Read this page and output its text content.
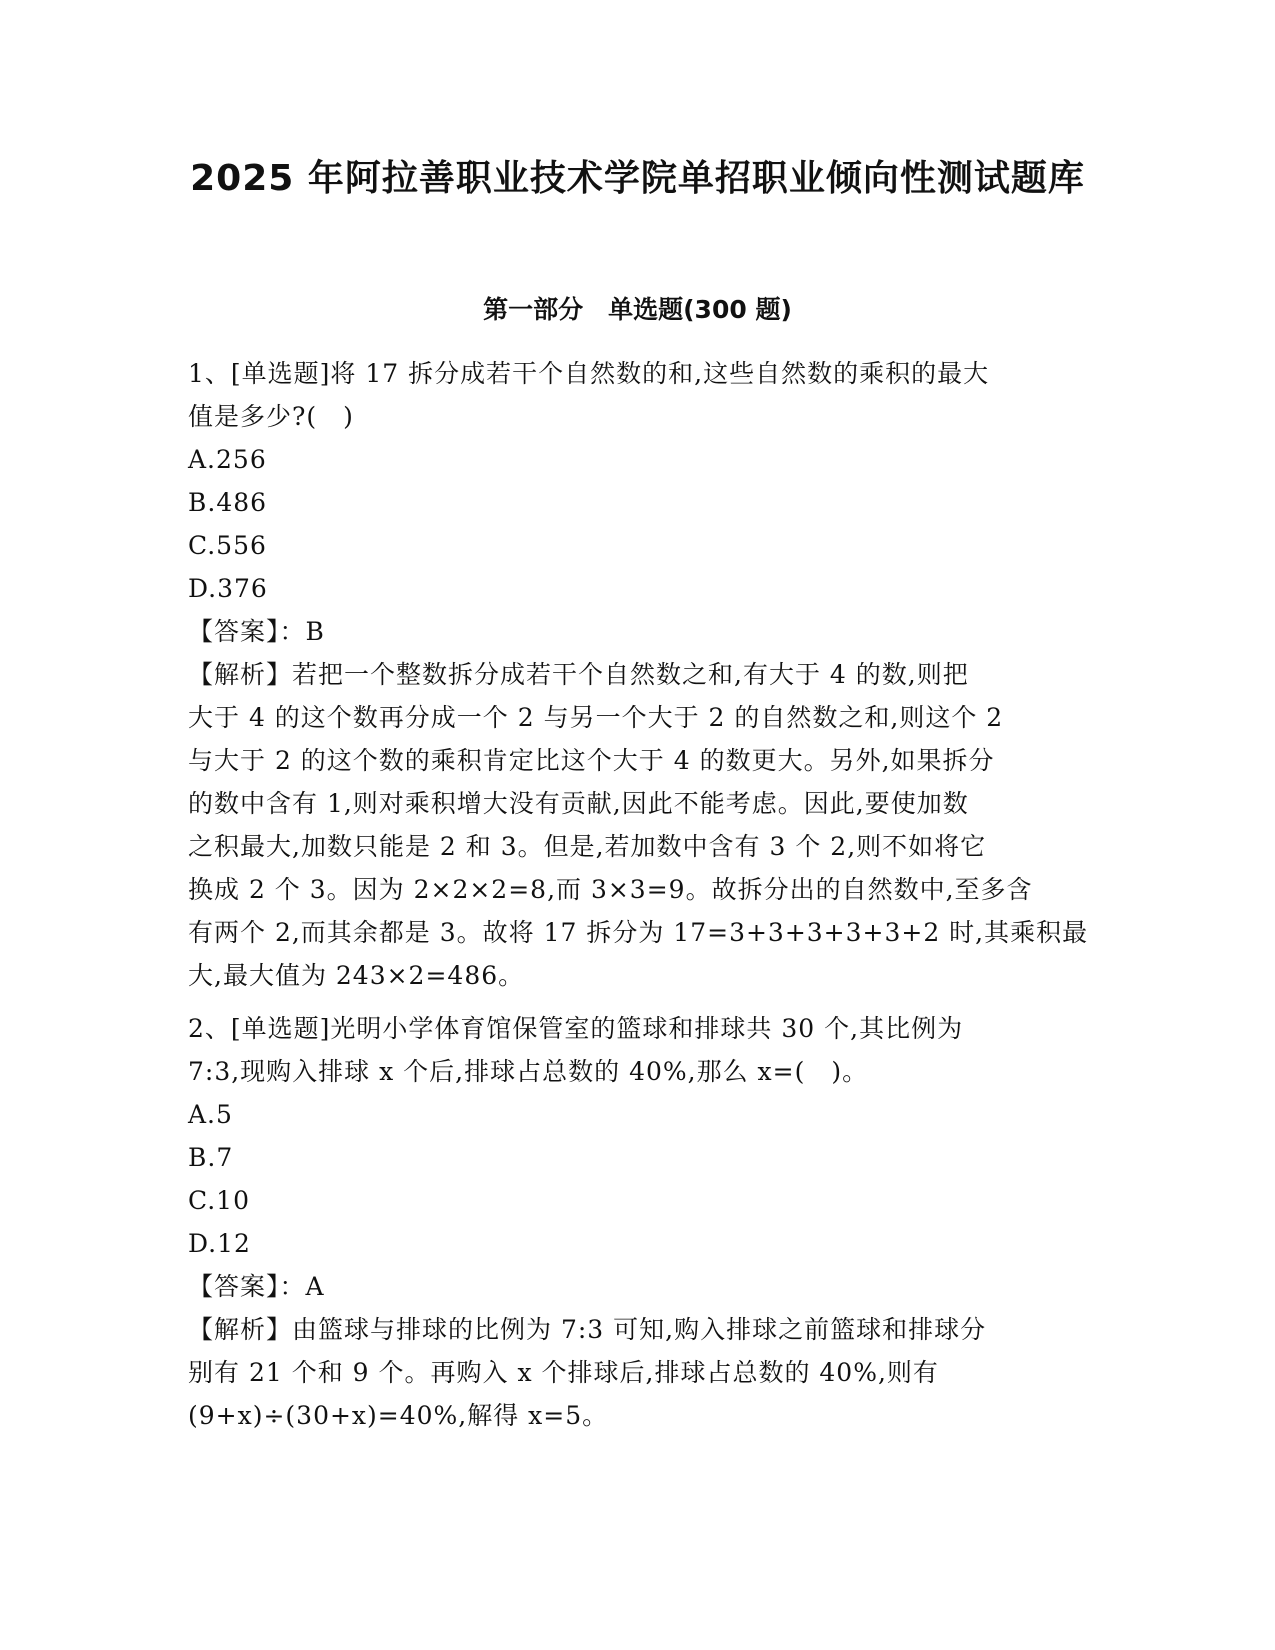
2025 年阿拉善职业技术学院单招职业倾向性测试题库
第一部分　单选题(300 题)
1、[单选题]将 17 拆分成若干个自然数的和,这些自然数的乘积的最大
值是多少?(　)
A.256
B.486
C.556
D.376
【答案】：B
【解析】若把一个整数拆分成若干个自然数之和,有大于 4 的数,则把
大于 4 的这个数再分成一个 2 与另一个大于 2 的自然数之和,则这个 2
与大于 2 的这个数的乘积肯定比这个大于 4 的数更大。另外,如果拆分
的数中含有 1,则对乘积增大没有贡献,因此不能考虑。因此,要使加数
之积最大,加数只能是 2 和 3。但是,若加数中含有 3 个 2,则不如将它
换成 2 个 3。因为 2×2×2=8,而 3×3=9。故拆分出的自然数中,至多含
有两个 2,而其余都是 3。故将 17 拆分为 17=3+3+3+3+3+2 时,其乘积最
大,最大值为 243×2=486。
2、[单选题]光明小学体育馆保管室的篮球和排球共 30 个,其比例为
7:3,现购入排球 x 个后,排球占总数的 40%,那么 x=(　)。
A.5
B.7
C.10
D.12
【答案】：A
【解析】由篮球与排球的比例为 7:3 可知,购入排球之前篮球和排球分
别有 21 个和 9 个。再购入 x 个排球后,排球占总数的 40%,则有
(9+x)÷(30+x)=40%,解得 x=5。
